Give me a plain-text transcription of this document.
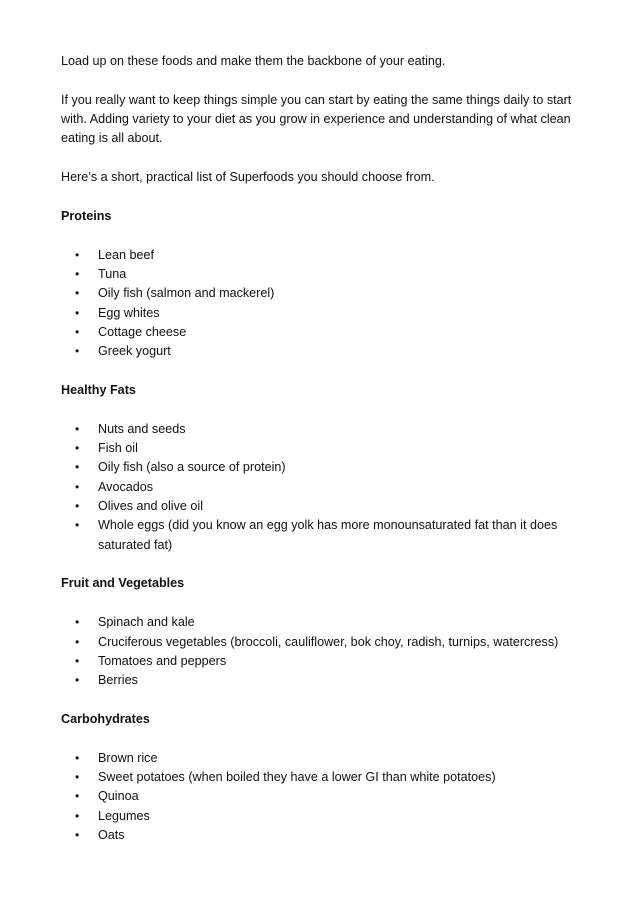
Load up on these foods and make them the backbone of your eating.

If you really want to keep things simple you can start by eating the same things daily to start with. Adding variety to your diet as you grow in experience and understanding of what clean eating is all about.

Here’s a short, practical list of Superfoods you should choose from.

Proteins
• Lean beef
• Tuna
• Oily fish (salmon and mackerel)
• Egg whites
• Cottage cheese
• Greek yogurt
Healthy Fats
• Nuts and seeds
• Fish oil
• Oily fish (also a source of protein)
• Avocados
• Olives and olive oil
• Whole eggs (did you know an egg yolk has more monounsaturated fat than it does saturated fat)
Fruit and Vegetables
• Spinach and kale
• Cruciferous vegetables (broccoli, cauliflower, bok choy, radish, turnips, watercress)
• Tomatoes and peppers
• Berries
Carbohydrates
• Brown rice
• Sweet potatoes (when boiled they have a lower GI than white potatoes)
• Quinoa
• Legumes
• Oats
